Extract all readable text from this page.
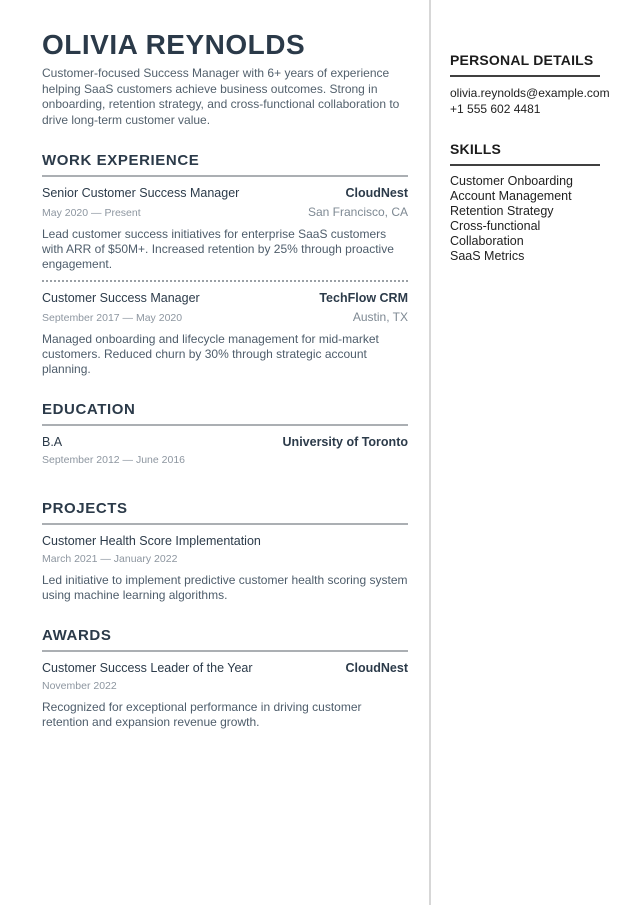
OLIVIA REYNOLDS

Customer-focused Success Manager with 6+ years of experience helping SaaS customers achieve business outcomes. Strong in onboarding, retention strategy, and cross-functional collaboration to drive long-term customer value.

WORK EXPERIENCE
Senior Customer Success Manager	CloudNest
May 2020 — Present	San Francisco, CA

Lead customer success initiatives for enterprise SaaS customers with ARR of $50M+. Increased retention by 25% through proactive engagement.

Customer Success Manager	TechFlow CRM
September 2017 — May 2020	Austin, TX

Managed onboarding and lifecycle management for mid-market customers. Reduced churn by 30% through strategic account planning.

EDUCATION
B.A	University of Toronto
September 2012 — June 2016
PROJECTS
Customer Health Score Implementation
March 2021 — January 2022

Led initiative to implement predictive customer health scoring system using machine learning algorithms.

AWARDS
Customer Success Leader of the Year	CloudNest
November 2022

Recognized for exceptional performance in driving customer retention and expansion revenue growth.

PERSONAL DETAILS

olivia.reynolds@example.com

+1 555 602 4481

SKILLS
Customer Onboarding
Account Management
Retention Strategy
Cross-functional Collaboration
SaaS Metrics
